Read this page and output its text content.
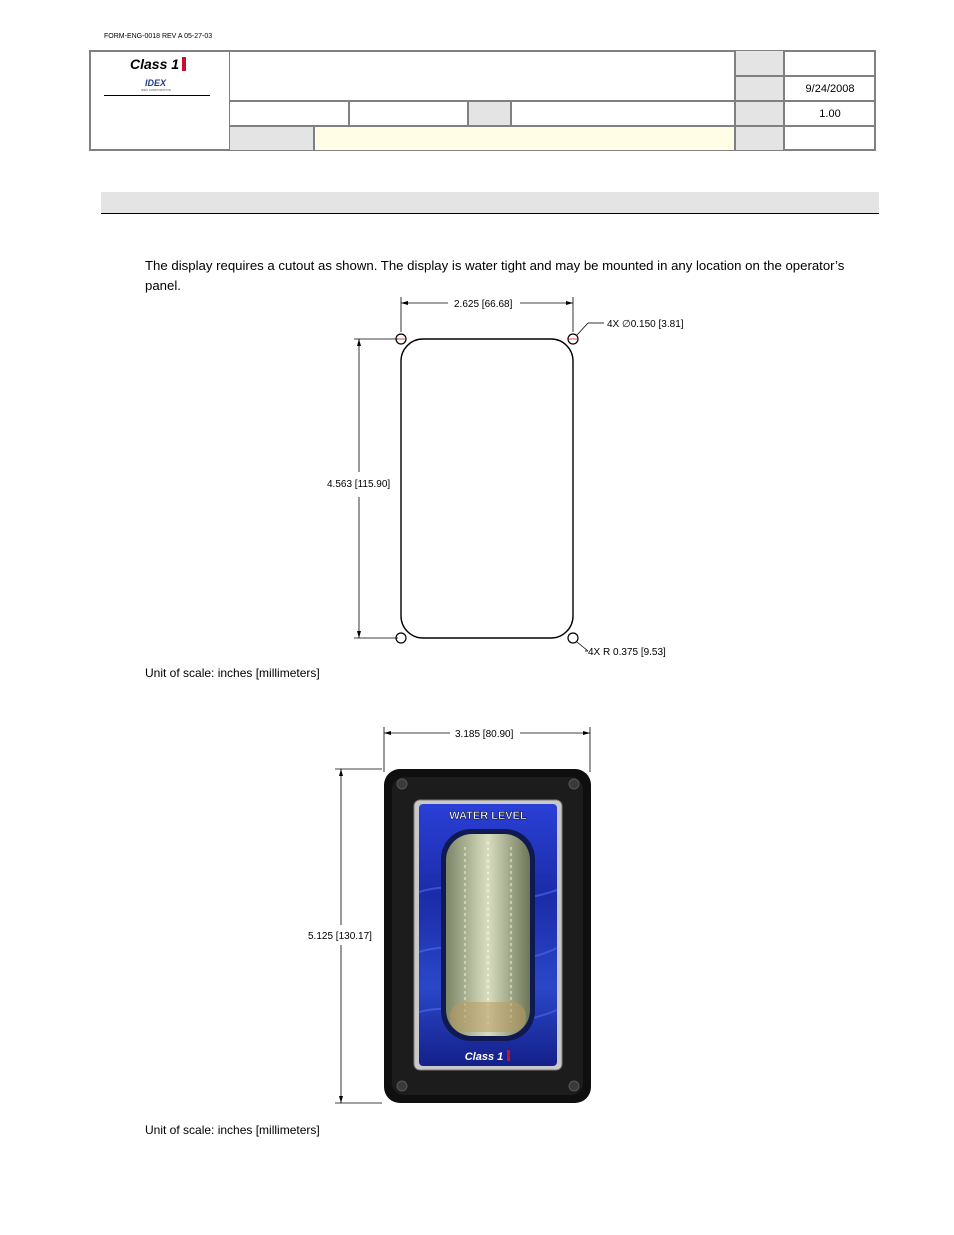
FORM-ENG-0018 REV A 05-27-03
9/24/2008
1.00
Class 1
IDEX
IDEX CORPORATION
The display requires a cutout as shown. The display is water tight and may be mounted in any location on the operator’s panel.
2.625 [66.68]
4.563 [115.90]
4X ∅0.150 [3.81]
4X R 0.375 [9.53]
Unit of scale: inches [millimeters]
3.185 [80.90]
5.125 [130.17]
WATER LEVEL
Class 1
Unit of scale: inches [millimeters]
